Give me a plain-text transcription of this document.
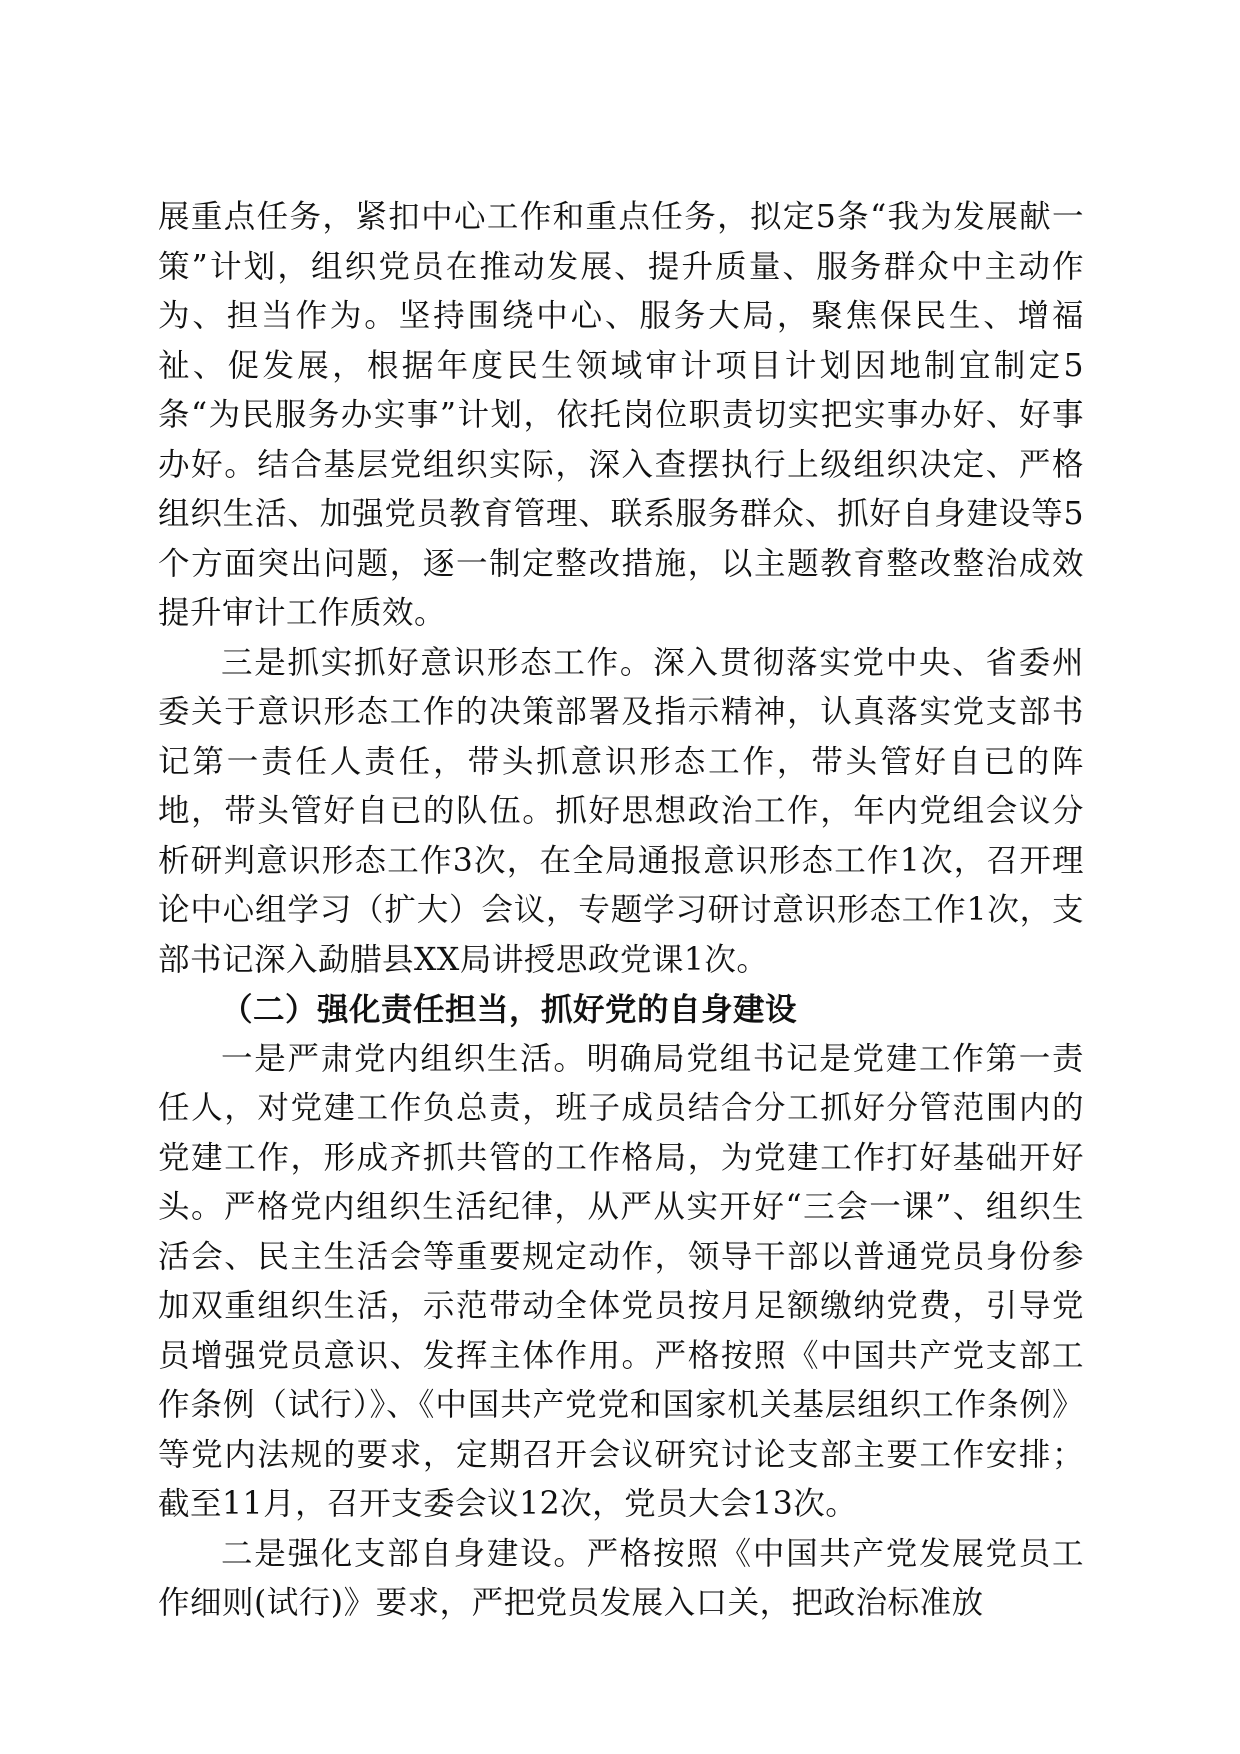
展重点任务，紧扣中心工作和重点任务，拟定5条“我为发展献一策”计划，组织党员在推动发展、提升质量、服务群众中主动作为、担当作为。坚持围绕中心、服务大局，聚焦保民生、增福祉、促发展，根据年度民生领域审计项目计划因地制宜制定5条“为民服务办实事”计划，依托岗位职责切实把实事办好、好事办好。结合基层党组织实际，深入查摆执行上级组织决定、严格组织生活、加强党员教育管理、联系服务群众、抓好自身建设等5个方面突出问题，逐一制定整改措施，以主题教育整改整治成效提升审计工作质效。

三是抓实抓好意识形态工作。深入贯彻落实党中央、省委州委关于意识形态工作的决策部署及指示精神，认真落实党支部书记第一责任人责任，带头抓意识形态工作，带头管好自已的阵地，带头管好自已的队伍。抓好思想政治工作，年内党组会议分析研判意识形态工作3次，在全局通报意识形态工作1次，召开理论中心组学习（扩大）会议，专题学习研讨意识形态工作1次，支部书记深入勐腊县XX局讲授思政党课1次。

（二）强化责任担当，抓好党的自身建设

一是严肃党内组织生活。明确局党组书记是党建工作第一责任人，对党建工作负总责，班子成员结合分工抓好分管范围内的党建工作，形成齐抓共管的工作格局，为党建工作打好基础开好头。严格党内组织生活纪律，从严从实开好“三会一课”、组织生活会、民主生活会等重要规定动作，领导干部以普通党员身份参加双重组织生活，示范带动全体党员按月足额缴纳党费，引导党员增强党员意识、发挥主体作用。严格按照《中国共产党支部工作条例（试行）》、《中国共产党党和国家机关基层组织工作条例》等党内法规的要求，定期召开会议研究讨论支部主要工作安排；截至11月，召开支委会议12次，党员大会13次。

二是强化支部自身建设。严格按照《中国共产党发展党员工作细则(试行)》要求，严把党员发展入口关，把政治标准放
